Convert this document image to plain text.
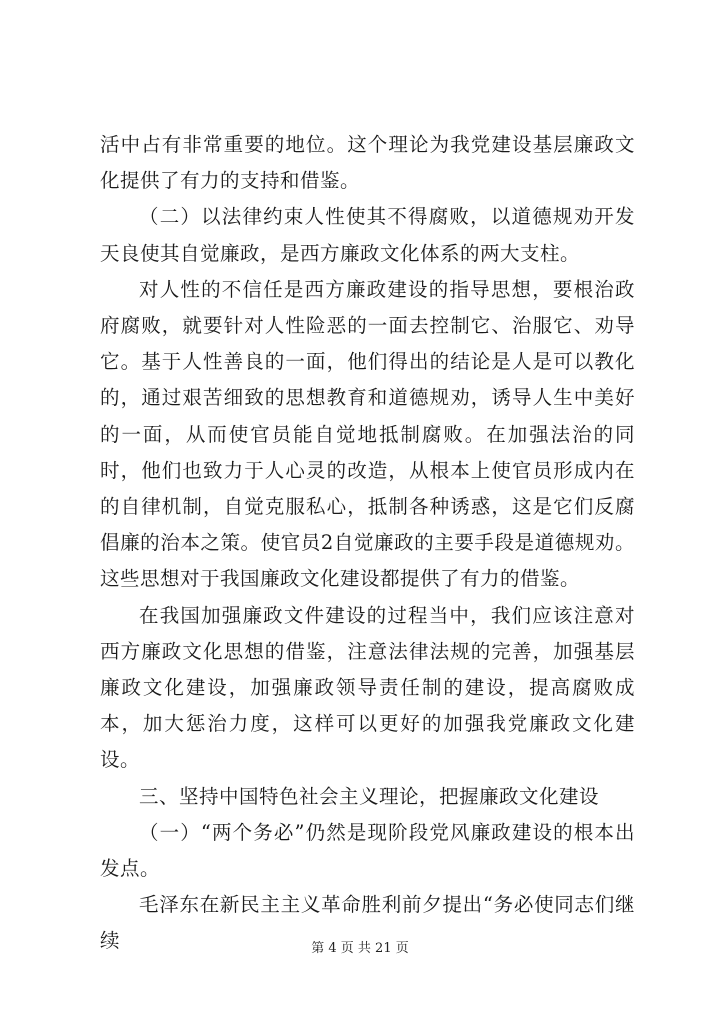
活中占有非常重要的地位。这个理论为我党建设基层廉政文化提供了有力的支持和借鉴。

（二）以法律约束人性使其不得腐败，以道德规劝开发天良使其自觉廉政，是西方廉政文化体系的两大支柱。

对人性的不信任是西方廉政建设的指导思想，要根治政府腐败，就要针对人性险恶的一面去控制它、治服它、劝导它。基于人性善良的一面，他们得出的结论是人是可以教化的，通过艰苦细致的思想教育和道德规劝，诱导人生中美好的一面，从而使官员能自觉地抵制腐败。在加强法治的同时，他们也致力于人心灵的改造，从根本上使官员形成内在的自律机制，自觉克服私心，抵制各种诱惑，这是它们反腐倡廉的治本之策。使官员2自觉廉政的主要手段是道德规劝。这些思想对于我国廉政文化建设都提供了有力的借鉴。

在我国加强廉政文件建设的过程当中，我们应该注意对西方廉政文化思想的借鉴，注意法律法规的完善，加强基层廉政文化建设，加强廉政领导责任制的建设，提高腐败成本，加大惩治力度，这样可以更好的加强我党廉政文化建设。

三、坚持中国特色社会主义理论，把握廉政文化建设

（一）“两个务必”仍然是现阶段党风廉政建设的根本出发点。

毛泽东在新民主主义革命胜利前夕提出“务必使同志们继续	第 4 页 共 21 页
